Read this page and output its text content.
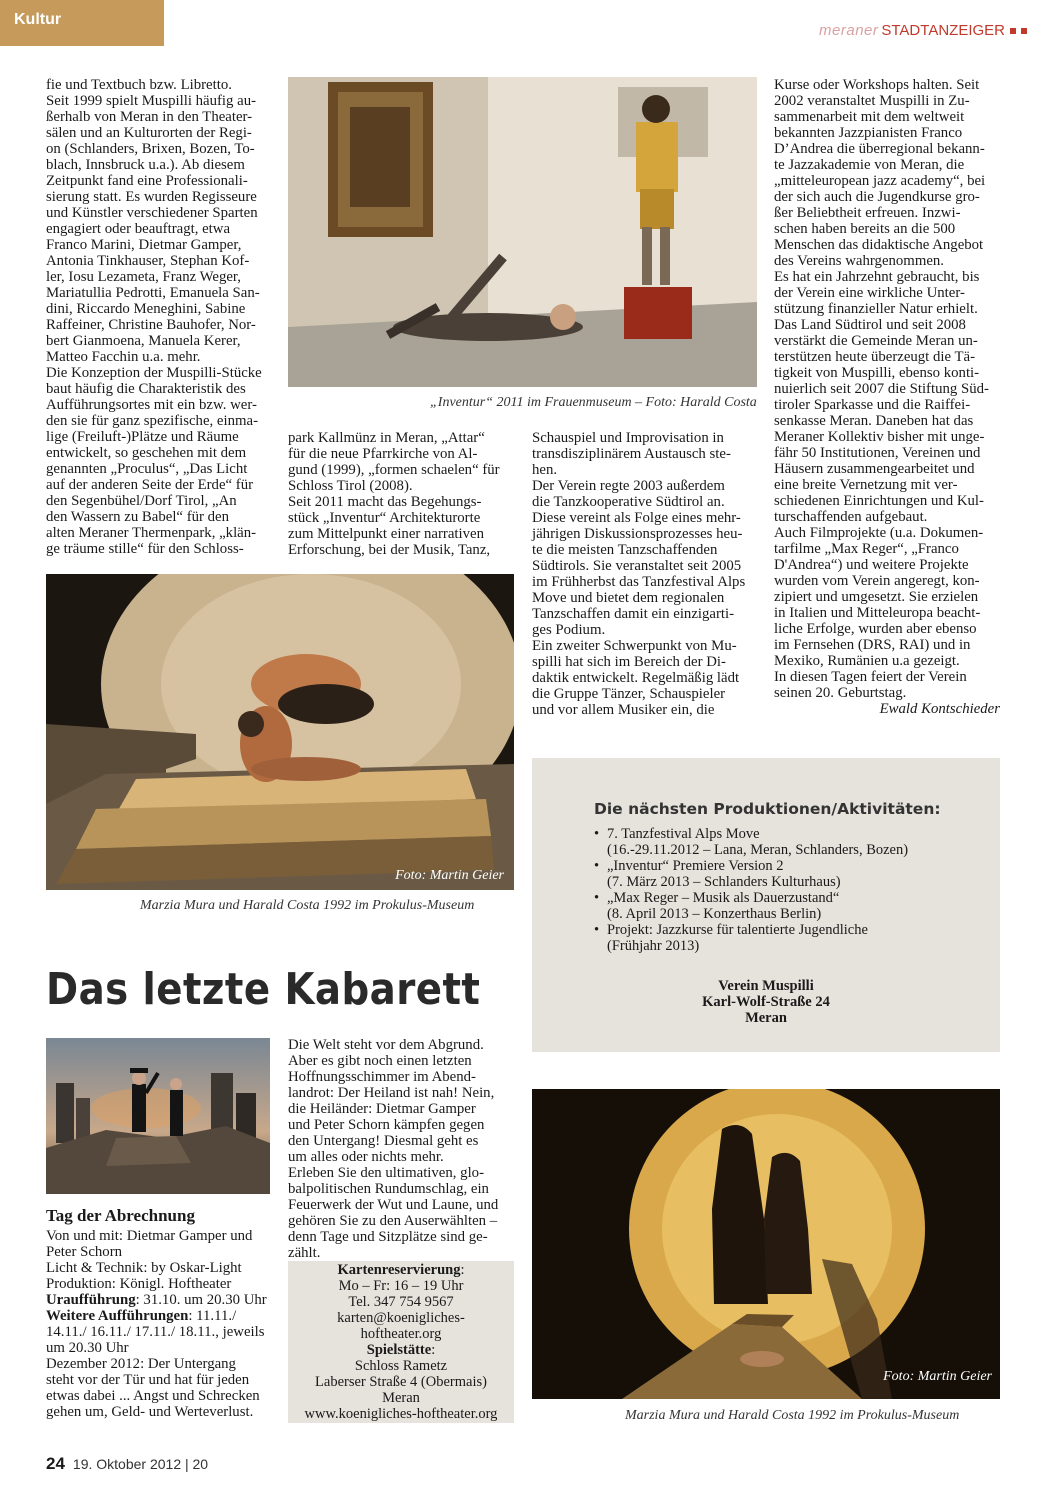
Kultur
meraner STADTANZEIGER

fie und Textbuch bzw. Libretto.

Seit 1999 spielt Muspilli häufig au-

ßerhalb von Meran in den Theater-

sälen und an Kulturorten der Regi-

on (Schlanders, Brixen, Bozen, To-

blach, Innsbruck u.a.). Ab diesem

Zeitpunkt fand eine Professionali-

sierung statt. Es wurden Regisseure

und Künstler verschiedener Sparten

engagiert oder beauftragt, etwa

Franco Marini, Dietmar Gamper,

Antonia Tinkhauser, Stephan Kof-

ler, Iosu Lezameta, Franz Weger,

Mariatullia Pedrotti, Emanuela San-

dini, Riccardo Meneghini, Sabine

Raffeiner, Christine Bauhofer, Nor-

bert Gianmoena, Manuela Kerer,

Matteo Facchin u.a. mehr.

Die Konzeption der Muspilli-Stücke

baut häufig die Charakteristik des

Aufführungsortes mit ein bzw. wer-

den sie für ganz spezifische, einma-

lige (Freiluft-)Plätze und Räume

entwickelt, so geschehen mit dem

genannten „Proculus“, „Das Licht

auf der anderen Seite der Erde“ für

den Segenbühel/Dorf Tirol, „An

den Wassern zu Babel“ für den

alten Meraner Thermenpark, „klän-

ge träume stille“ für den Schloss-

park Kallmünz in Meran, „Attar“

für die neue Pfarrkirche von Al-

gund (1999), „formen schaelen“ für

Schloss Tirol (2008).

Seit 2011 macht das Begehungs-

stück „Inventur“ Architekturorte

zum Mittelpunkt einer narrativen

Erforschung, bei der Musik, Tanz,

Schauspiel und Improvisation in

transdisziplinärem Austausch ste-

hen.

Der Verein regte 2003 außerdem

die Tanzkooperative Südtirol an.

Diese vereint als Folge eines mehr-

jährigen Diskussionsprozesses heu-

te die meisten Tanzschaffenden

Südtirols. Sie veranstaltet seit 2005

im Frühherbst das Tanzfestival Alps

Move und bietet dem regionalen

Tanzschaffen damit ein einzigarti-

ges Podium.

Ein zweiter Schwerpunkt von Mu-

spilli hat sich im Bereich der Di-

daktik entwickelt. Regelmäßig lädt

die Gruppe Tänzer, Schauspieler

und vor allem Musiker ein, die

Kurse oder Workshops halten. Seit

2002 veranstaltet Muspilli in Zu-

sammenarbeit mit dem weltweit

bekannten Jazzpianisten Franco

D’Andrea die überregional bekann-

te Jazzakademie von Meran, die

„mitteleuropean jazz academy“, bei

der sich auch die Jugendkurse gro-

ßer Beliebtheit erfreuen. Inzwi-

schen haben bereits an die 500

Menschen das didaktische Angebot

des Vereins wahrgenommen.

Es hat ein Jahrzehnt gebraucht, bis

der Verein eine wirkliche Unter-

stützung finanzieller Natur erhielt.

Das Land Südtirol und seit 2008

verstärkt die Gemeinde Meran un-

terstützen heute überzeugt die Tä-

tigkeit von Muspilli, ebenso konti-

nuierlich seit 2007 die Stiftung Süd-

tiroler Sparkasse und die Raiffei-

senkasse Meran. Daneben hat das

Meraner Kollektiv bisher mit unge-

fähr 50 Institutionen, Vereinen und

Häusern zusammengearbeitet und

eine breite Vernetzung mit ver-

schiedenen Einrichtungen und Kul-

turschaffenden aufgebaut.

Auch Filmprojekte (u.a. Dokumen-

tarfilme „Max Reger“, „Franco

D'Andrea“) und weitere Projekte

wurden vom Verein angeregt, kon-

zipiert und umgesetzt. Sie erzielen

in Italien und Mitteleuropa beacht-

liche Erfolge, wurden aber ebenso

im Fernsehen (DRS, RAI) und in

Mexiko, Rumänien u.a gezeigt.

In diesen Tagen feiert der Verein

seinen 20. Geburtstag.

Ewald Kontschieder
„Inventur“ 2011 im Frauenmuseum – Foto: Harald Costa
Foto: Martin Geier
Marzia Mura und Harald Costa 1992 im Prokulus-Museum
Die nächsten Produktionen/Aktivitäten:
• 7. Tanzfestival Alps Move
(16.-29.11.2012 – Lana, Meran, Schlanders, Bozen)
• „Inventur“ Premiere Version 2
(7. März 2013 – Schlanders Kulturhaus)
• „Max Reger – Musik als Dauerzustand“
(8. April 2013 – Konzerthaus Berlin)
• Projekt: Jazzkurse für talentierte Jugendliche
(Frühjahr 2013)
Verein Muspilli
Karl-Wolf-Straße 24
Meran
Foto: Martin Geier
Marzia Mura und Harald Costa 1992 im Prokulus-Museum
Das letzte Kabarett
Tag der Abrechnung

Von und mit: Dietmar Gamper und

Peter Schorn

Licht & Technik: by Oskar-Light

Produktion: Königl. Hoftheater

Uraufführung: 31.10. um 20.30 Uhr

Weitere Aufführungen: 11.11./

14.11./ 16.11./ 17.11./ 18.11., jeweils

um 20.30 Uhr

Dezember 2012: Der Untergang

steht vor der Tür und hat für jeden

etwas dabei ... Angst und Schrecken

gehen um, Geld- und Werteverlust.

Die Welt steht vor dem Abgrund.

Aber es gibt noch einen letzten

Hoffnungsschimmer im Abend-

landrot: Der Heiland ist nah! Nein,

die Heiländer: Dietmar Gamper

und Peter Schorn kämpfen gegen

den Untergang! Diesmal geht es

um alles oder nichts mehr.

Erleben Sie den ultimativen, glo-

balpolitischen Rundumschlag, ein

Feuerwerk der Wut und Laune, und

gehören Sie zu den Auserwählten –

denn Tage und Sitzplätze sind ge-

zählt.

Kartenreservierung:

Mo – Fr: 16 – 19 Uhr

Tel. 347 754 9567

karten@koenigliches-

hoftheater.org

Spielstätte:

Schloss Rametz

Laberser Straße 4 (Obermais)

Meran

www.koenigliches-hoftheater.org

24 19. Oktober 2012 | 20
